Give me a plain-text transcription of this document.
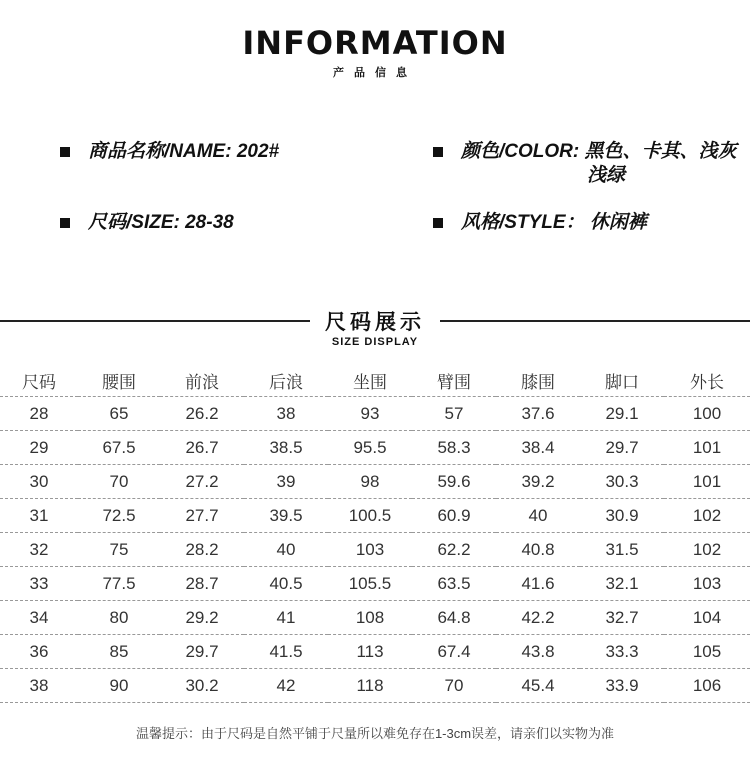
INFORMATION
产品信息
商品名称/NAME: 202#	颜色/COLOR: 黑色、卡其、浅灰
浅绿
尺码/SIZE: 28-38	风格/STYLE： 休闲裤
尺码展示
SIZE DISPLAY
尺码	腰围	前浪	后浪	坐围	臂围	膝围	脚口	外长
28	65	26.2	38	93	57	37.6	29.1	100
29	67.5	26.7	38.5	95.5	58.3	38.4	29.7	101
30	70	27.2	39	98	59.6	39.2	30.3	101
31	72.5	27.7	39.5	100.5	60.9	40	30.9	102
32	75	28.2	40	103	62.2	40.8	31.5	102
33	77.5	28.7	40.5	105.5	63.5	41.6	32.1	103
34	80	29.2	41	108	64.8	42.2	32.7	104
36	85	29.7	41.5	113	67.4	43.8	33.3	105
38	90	30.2	42	118	70	45.4	33.9	106
温馨提示：由于尺码是自然平铺于尺量所以难免存在1-3cm误差，请亲们以实物为准
